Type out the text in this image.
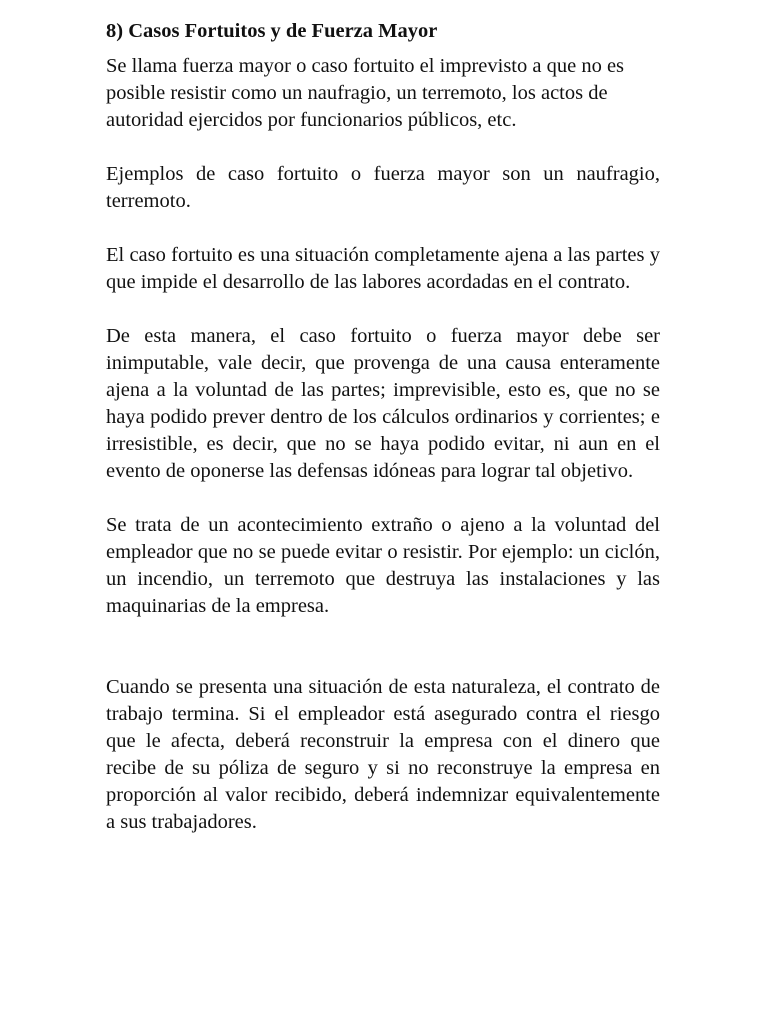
8) Casos Fortuitos y de Fuerza Mayor

Se llama fuerza mayor o caso fortuito el imprevisto a que no es posible resistir como un naufragio, un terremoto, los actos de autoridad ejercidos por funcionarios públicos, etc.

Ejemplos de caso fortuito o fuerza mayor son un naufragio, terremoto.

El caso fortuito es una situación completamente ajena a las partes y que impide el desarrollo de las labores acordadas en el contrato.

De esta manera, el caso fortuito o fuerza mayor debe ser inimputable, vale decir, que provenga de una causa enteramente ajena a la voluntad de las partes; imprevisible, esto es, que no se haya podido prever dentro de los cálculos ordinarios y corrientes; e irresistible, es decir, que no se haya podido evitar, ni aun en el evento de oponerse las defensas idóneas para lograr tal objetivo.

Se trata de un acontecimiento extraño o ajeno a la voluntad del empleador que no se puede evitar o resistir. Por ejemplo: un ciclón, un incendio, un terremoto que destruya las instalaciones y las maquinarias de la empresa.

Cuando se presenta una situación de esta naturaleza, el contrato de trabajo termina. Si el empleador está asegurado contra el riesgo que le afecta, deberá reconstruir la empresa con el dinero que recibe de su póliza de seguro y si no reconstruye la empresa en proporción al valor recibido, deberá indemnizar equivalentemente a sus trabajadores.
